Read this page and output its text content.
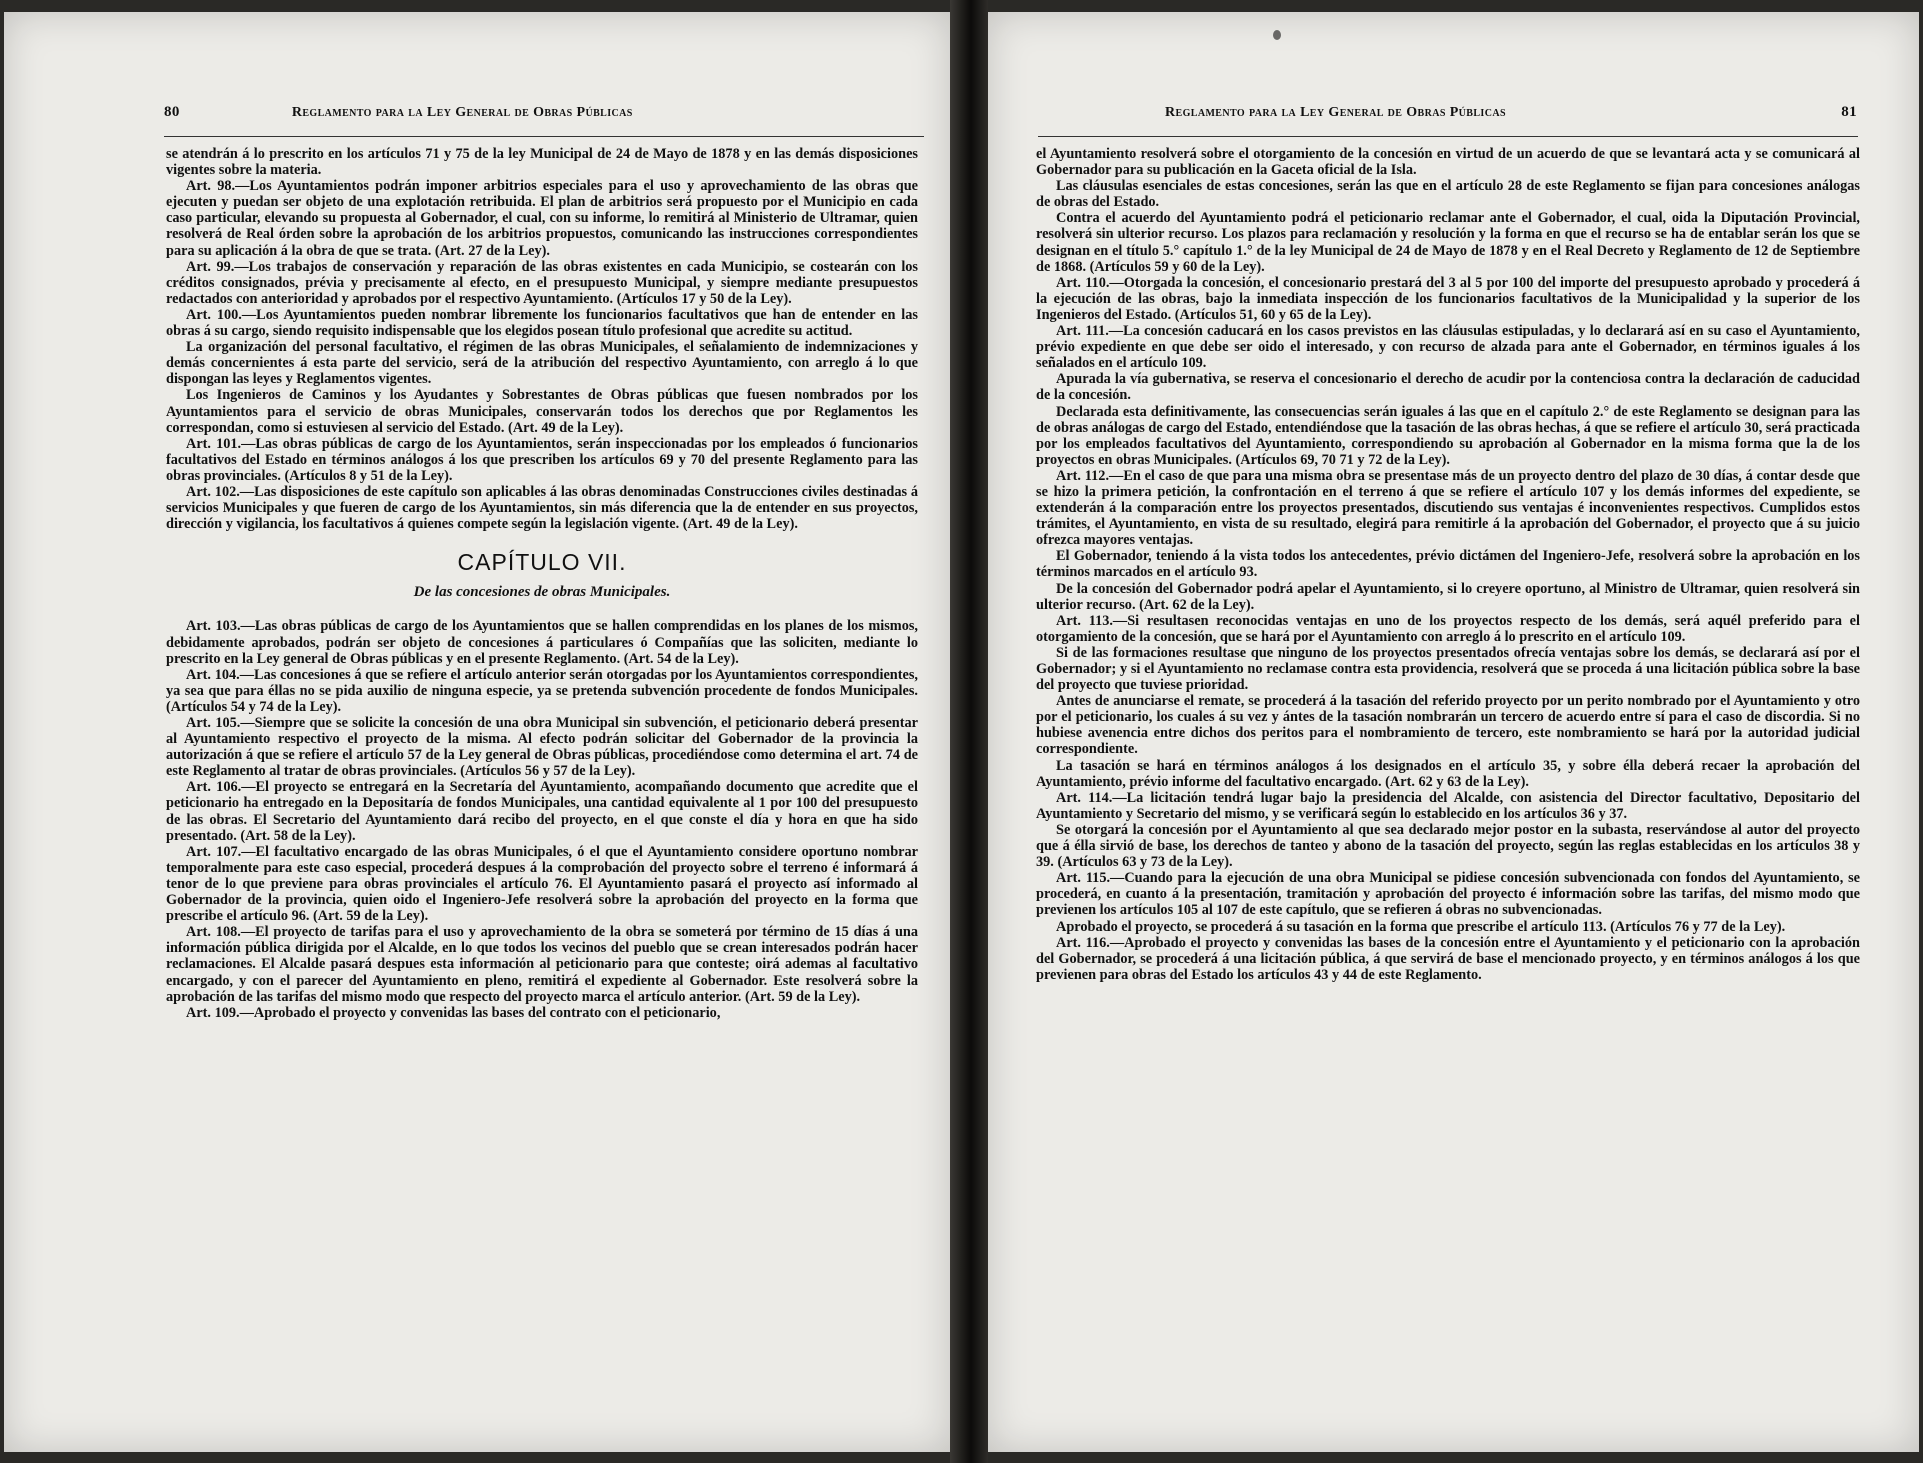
80	Reglamento para la Ley General de Obras Públicas

se atendrán á lo prescrito en los artículos 71 y 75 de la ley Municipal de 24 de Mayo de 1878 y en las demás disposiciones vigentes sobre la materia.

Art. 98.—Los Ayuntamientos podrán imponer arbitrios especiales para el uso y aprovechamiento de las obras que ejecuten y puedan ser objeto de una explotación retribuida. El plan de arbitrios será propuesto por el Municipio en cada caso particular, elevando su propuesta al Gobernador, el cual, con su informe, lo remitirá al Ministerio de Ultramar, quien resolverá de Real órden sobre la aprobación de los arbitrios propuestos, comunicando las instrucciones correspondientes para su aplicación á la obra de que se trata. (Art. 27 de la Ley).

Art. 99.—Los trabajos de conservación y reparación de las obras existentes en cada Municipio, se costearán con los créditos consignados, prévia y precisamente al efecto, en el presupuesto Municipal, y siempre mediante presupuestos redactados con anterioridad y aprobados por el respectivo Ayuntamiento. (Artículos 17 y 50 de la Ley).

Art. 100.—Los Ayuntamientos pueden nombrar libremente los funcionarios facultativos que han de entender en las obras á su cargo, siendo requisito indispensable que los elegidos posean título profesional que acredite su actitud.

La organización del personal facultativo, el régimen de las obras Municipales, el señalamiento de indemnizaciones y demás concernientes á esta parte del servicio, será de la atribución del respectivo Ayuntamiento, con arreglo á lo que dispongan las leyes y Reglamentos vigentes.

Los Ingenieros de Caminos y los Ayudantes y Sobrestantes de Obras públicas que fuesen nombrados por los Ayuntamientos para el servicio de obras Municipales, conservarán todos los derechos que por Reglamentos les correspondan, como si estuviesen al servicio del Estado. (Art. 49 de la Ley).

Art. 101.—Las obras públicas de cargo de los Ayuntamientos, serán inspeccionadas por los empleados ó funcionarios facultativos del Estado en términos análogos á los que prescriben los artículos 69 y 70 del presente Reglamento para las obras provinciales. (Artículos 8 y 51 de la Ley).

Art. 102.—Las disposiciones de este capítulo son aplicables á las obras denominadas Construcciones civiles destinadas á servicios Municipales y que fueren de cargo de los Ayuntamientos, sin más diferencia que la de entender en sus proyectos, dirección y vigilancia, los facultativos á quienes compete según la legislación vigente. (Art. 49 de la Ley).

CAPÍTULO VII.
De las concesiones de obras Municipales.

Art. 103.—Las obras públicas de cargo de los Ayuntamientos que se hallen comprendidas en los planes de los mismos, debidamente aprobados, podrán ser objeto de concesiones á particulares ó Compañías que las soliciten, mediante lo prescrito en la Ley general de Obras públicas y en el presente Reglamento. (Art. 54 de la Ley).

Art. 104.—Las concesiones á que se refiere el artículo anterior serán otorgadas por los Ayuntamientos correspondientes, ya sea que para éllas no se pida auxilio de ninguna especie, ya se pretenda subvención procedente de fondos Municipales. (Artículos 54 y 74 de la Ley).

Art. 105.—Siempre que se solicite la concesión de una obra Municipal sin subvención, el peticionario deberá presentar al Ayuntamiento respectivo el proyecto de la misma. Al efecto podrán solicitar del Gobernador de la provincia la autorización á que se refiere el artículo 57 de la Ley general de Obras públicas, procediéndose como determina el art. 74 de este Reglamento al tratar de obras provinciales. (Artículos 56 y 57 de la Ley).

Art. 106.—El proyecto se entregará en la Secretaría del Ayuntamiento, acompañando documento que acredite que el peticionario ha entregado en la Depositaría de fondos Municipales, una cantidad equivalente al 1 por 100 del presupuesto de las obras. El Secretario del Ayuntamiento dará recibo del proyecto, en el que conste el día y hora en que ha sido presentado. (Art. 58 de la Ley).

Art. 107.—El facultativo encargado de las obras Municipales, ó el que el Ayuntamiento considere oportuno nombrar temporalmente para este caso especial, procederá despues á la comprobación del proyecto sobre el terreno é informará á tenor de lo que previene para obras provinciales el artículo 76. El Ayuntamiento pasará el proyecto así informado al Gobernador de la provincia, quien oido el Ingeniero-Jefe resolverá sobre la aprobación del proyecto en la forma que prescribe el artículo 96. (Art. 59 de la Ley).

Art. 108.—El proyecto de tarifas para el uso y aprovechamiento de la obra se someterá por término de 15 días á una información pública dirigida por el Alcalde, en lo que todos los vecinos del pueblo que se crean interesados podrán hacer reclamaciones. El Alcalde pasará despues esta información al peticionario para que conteste; oirá ademas al facultativo encargado, y con el parecer del Ayuntamiento en pleno, remitirá el expediente al Gobernador. Este resolverá sobre la aprobación de las tarifas del mismo modo que respecto del proyecto marca el artículo anterior. (Art. 59 de la Ley).

Art. 109.—Aprobado el proyecto y convenidas las bases del contrato con el peticionario,

Reglamento para la Ley General de Obras Públicas	81

el Ayuntamiento resolverá sobre el otorgamiento de la concesión en virtud de un acuerdo de que se levantará acta y se comunicará al Gobernador para su publicación en la Gaceta oficial de la Isla.

Las cláusulas esenciales de estas concesiones, serán las que en el artículo 28 de este Reglamento se fijan para concesiones análogas de obras del Estado.

Contra el acuerdo del Ayuntamiento podrá el peticionario reclamar ante el Gobernador, el cual, oida la Diputación Provincial, resolverá sin ulterior recurso. Los plazos para reclamación y resolución y la forma en que el recurso se ha de entablar serán los que se designan en el título 5.° capítulo 1.° de la ley Municipal de 24 de Mayo de 1878 y en el Real Decreto y Reglamento de 12 de Septiembre de 1868. (Artículos 59 y 60 de la Ley).

Art. 110.—Otorgada la concesión, el concesionario prestará del 3 al 5 por 100 del importe del presupuesto aprobado y procederá á la ejecución de las obras, bajo la inmediata inspección de los funcionarios facultativos de la Municipalidad y la superior de los Ingenieros del Estado. (Artículos 51, 60 y 65 de la Ley).

Art. 111.—La concesión caducará en los casos previstos en las cláusulas estipuladas, y lo declarará así en su caso el Ayuntamiento, prévio expediente en que debe ser oido el interesado, y con recurso de alzada para ante el Gobernador, en términos iguales á los señalados en el artículo 109.

Apurada la vía gubernativa, se reserva el concesionario el derecho de acudir por la contenciosa contra la declaración de caducidad de la concesión.

Declarada esta definitivamente, las consecuencias serán iguales á las que en el capítulo 2.° de este Reglamento se designan para las de obras análogas de cargo del Estado, entendiéndose que la tasación de las obras hechas, á que se refiere el artículo 30, será practicada por los empleados facultativos del Ayuntamiento, correspondiendo su aprobación al Gobernador en la misma forma que la de los proyectos en obras Municipales. (Artículos 69, 70 71 y 72 de la Ley).

Art. 112.—En el caso de que para una misma obra se presentase más de un proyecto dentro del plazo de 30 días, á contar desde que se hizo la primera petición, la confrontación en el terreno á que se refiere el artículo 107 y los demás informes del expediente, se extenderán á la comparación entre los proyectos presentados, discutiendo sus ventajas é inconvenientes respectivos. Cumplidos estos trámites, el Ayuntamiento, en vista de su resultado, elegirá para remitirle á la aprobación del Gobernador, el proyecto que á su juicio ofrezca mayores ventajas.

El Gobernador, teniendo á la vista todos los antecedentes, prévio dictámen del Ingeniero-Jefe, resolverá sobre la aprobación en los términos marcados en el artículo 93.

De la concesión del Gobernador podrá apelar el Ayuntamiento, si lo creyere oportuno, al Ministro de Ultramar, quien resolverá sin ulterior recurso. (Art. 62 de la Ley).

Art. 113.—Si resultasen reconocidas ventajas en uno de los proyectos respecto de los demás, será aquél preferido para el otorgamiento de la concesión, que se hará por el Ayuntamiento con arreglo á lo prescrito en el artículo 109.

Si de las formaciones resultase que ninguno de los proyectos presentados ofrecía ventajas sobre los demás, se declarará así por el Gobernador; y si el Ayuntamiento no reclamase contra esta providencia, resolverá que se proceda á una licitación pública sobre la base del proyecto que tuviese prioridad.

Antes de anunciarse el remate, se procederá á la tasación del referido proyecto por un perito nombrado por el Ayuntamiento y otro por el peticionario, los cuales á su vez y ántes de la tasación nombrarán un tercero de acuerdo entre sí para el caso de discordia. Si no hubiese avenencia entre dichos dos peritos para el nombramiento de tercero, este nombramiento se hará por la autoridad judicial correspondiente.

La tasación se hará en términos análogos á los designados en el artículo 35, y sobre élla deberá recaer la aprobación del Ayuntamiento, prévio informe del facultativo encargado. (Art. 62 y 63 de la Ley).

Art. 114.—La licitación tendrá lugar bajo la presidencia del Alcalde, con asistencia del Director facultativo, Depositario del Ayuntamiento y Secretario del mismo, y se verificará según lo establecido en los artículos 36 y 37.

Se otorgará la concesión por el Ayuntamiento al que sea declarado mejor postor en la subasta, reservándose al autor del proyecto que á élla sirvió de base, los derechos de tanteo y abono de la tasación del proyecto, según las reglas establecidas en los artículos 38 y 39. (Artículos 63 y 73 de la Ley).

Art. 115.—Cuando para la ejecución de una obra Municipal se pidiese concesión subvencionada con fondos del Ayuntamiento, se procederá, en cuanto á la presentación, tramitación y aprobación del proyecto é información sobre las tarifas, del mismo modo que previenen los artículos 105 al 107 de este capítulo, que se refieren á obras no subvencionadas.

Aprobado el proyecto, se procederá á su tasación en la forma que prescribe el artículo 113. (Artículos 76 y 77 de la Ley).

Art. 116.—Aprobado el proyecto y convenidas las bases de la concesión entre el Ayuntamiento y el peticionario con la aprobación del Gobernador, se procederá á una licitación pública, á que servirá de base el mencionado proyecto, y en términos análogos á los que previenen para obras del Estado los artículos 43 y 44 de este Reglamento.
